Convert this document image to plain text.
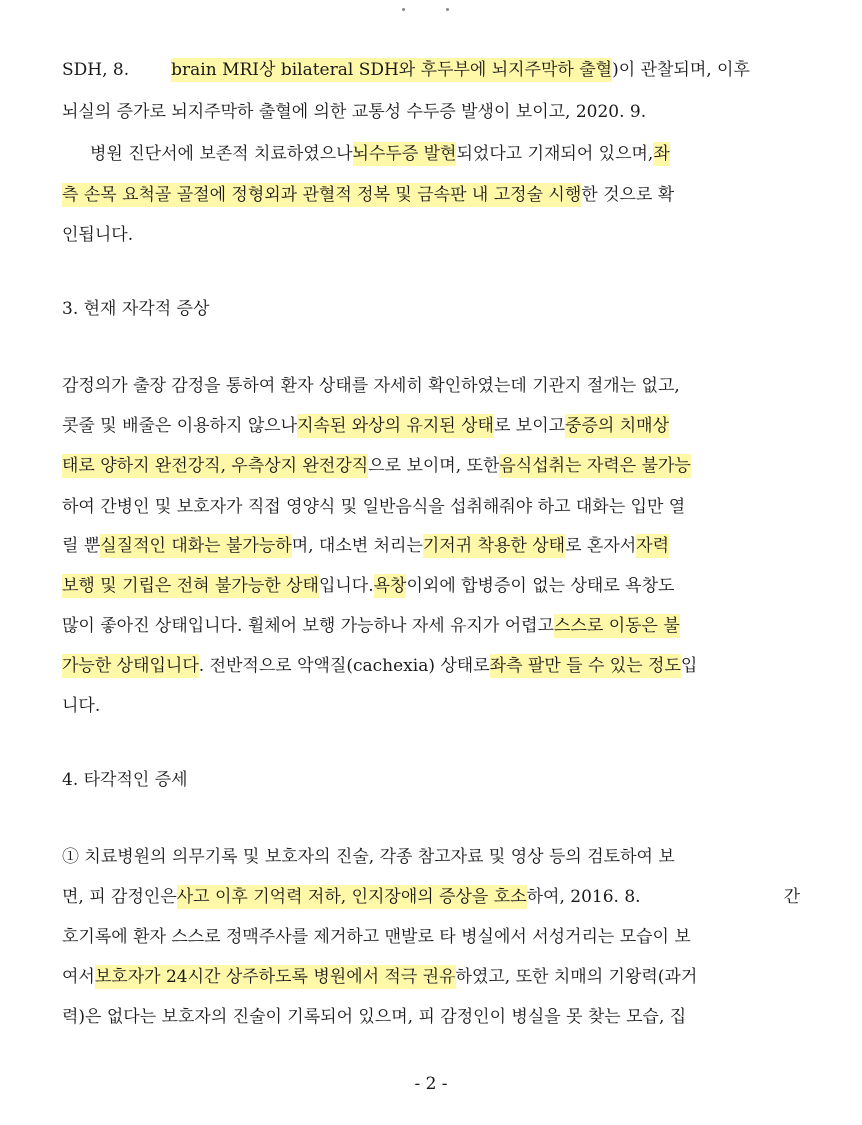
SDH, 8. brain MRI상 bilateral SDH와 후두부에 뇌지주막하 출혈 )이 관찰되며, 이후
뇌실의 증가로 뇌지주막하 출혈에 의한 교통성 수두증 발생이 보이고, 2020. 9.
병원 진단서에 보존적 치료하였으나 뇌수두증 발현 되었다고 기재되어 있으며, 좌
측 손목 요척골 골절에 정형외과 관혈적 정복 및 금속판 내 고정술 시행 한 것으로 확
인됩니다.
3. 현재 자각적 증상
감정의가 출장 감정을 통하여 환자 상태를 자세히 확인하였는데 기관지 절개는 없고,
콧줄 및 배줄은 이용하지 않으나 지속된 와상의 유지된 상태 로 보이고 중증의 치매상
태로 양하지 완전강직, 우측상지 완전강직 으로 보이며, 또한 음식섭취는 자력은 불가능
하여 간병인 및 보호자가 직접 영양식 및 일반음식을 섭취해줘야 하고 대화는 입만 열
릴 뿐 실질적인 대화는 불가능하 며, 대소변 처리는 기저귀 착용한 상태 로 혼자서 자력
보행 및 기립은 전혀 불가능한 상태 입니다. 욕창 이외에 합병증이 없는 상태로 욕창도
많이 좋아진 상태입니다. 휠체어 보행 가능하나 자세 유지가 어렵고 스스로 이동은 불
가능한 상태입니다 . 전반적으로 악액질(cachexia) 상태로 좌측 팔만 들 수 있는 정도 입
니다.
4. 타각적인 증세
① 치료병원의 의무기록 및 보호자의 진술, 각종 참고자료 및 영상 등의 검토하여 보
면, 피 감정인은 사고 이후 기억력 저하, 인지장애의 증상을 호소 하여, 2016. 8.	간
호기록에 환자 스스로 정맥주사를 제거하고 맨발로 타 병실에서 서성거리는 모습이 보
여서 보호자가 24시간 상주하도록 병원에서 적극 권유 하였고, 또한 치매의 기왕력(과거
력)은 없다는 보호자의 진술이 기록되어 있으며, 피 감정인이 병실을 못 찾는 모습, 집
- 2 -
